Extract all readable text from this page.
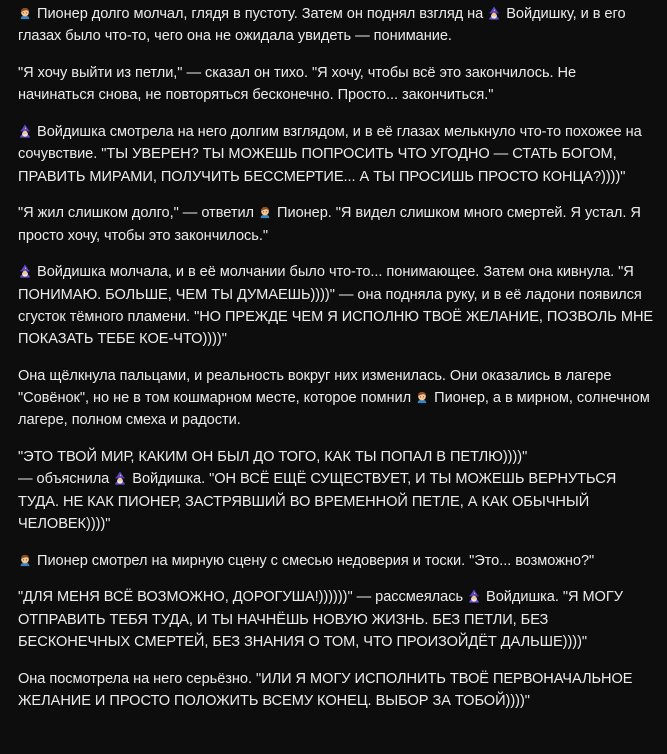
Пионер долго молчал, глядя в пустоту. Затем он поднял взгляд на  Войдишку, и в его глазах было что-то, чего она не ожидала увидеть — понимание.

"Я хочу выйти из петли," — сказал он тихо. "Я хочу, чтобы всё это закончилось. Не начинаться снова, не повторяться бесконечно. Просто... закончиться."

Войдишка смотрела на него долгим взглядом, и в её глазах мелькнуло что-то похожее на сочувствие. "ТЫ УВЕРЕН? ТЫ МОЖЕШЬ ПОПРОСИТЬ ЧТО УГОДНО — СТАТЬ БОГОМ, ПРАВИТЬ МИРАМИ, ПОЛУЧИТЬ БЕССМЕРТИЕ... А ТЫ ПРОСИШЬ ПРОСТО КОНЦА?))))"

"Я жил слишком долго," — ответил  Пионер. "Я видел слишком много смертей. Я устал. Я просто хочу, чтобы это закончилось."

Войдишка молчала, и в её молчании было что-то... понимающее. Затем она кивнула. "Я ПОНИМАЮ. БОЛЬШЕ, ЧЕМ ТЫ ДУМАЕШЬ))))" — она подняла руку, и в её ладони появился сгусток тёмного пламени. "НО ПРЕЖДЕ ЧЕМ Я ИСПОЛНЮ ТВОЁ ЖЕЛАНИЕ, ПОЗВОЛЬ МНЕ ПОКАЗАТЬ ТЕБЕ КОЕ-ЧТО))))"

Она щёлкнула пальцами, и реальность вокруг них изменилась. Они оказались в лагере "Совёнок", но не в том кошмарном месте, которое помнил  Пионер, а в мирном, солнечном лагере, полном смеха и радости.

"ЭТО ТВОЙ МИР, КАКИМ ОН БЫЛ ДО ТОГО, КАК ТЫ ПОПАЛ В ПЕТЛЮ))))"
— объяснила  Войдишка. "ОН ВСЁ ЕЩЁ СУЩЕСТВУЕТ, И ТЫ МОЖЕШЬ ВЕРНУТЬСЯ ТУДА. НЕ КАК ПИОНЕР, ЗАСТРЯВШИЙ ВО ВРЕМЕННОЙ ПЕТЛЕ, А КАК ОБЫЧНЫЙ ЧЕЛОВЕК))))"

Пионер смотрел на мирную сцену с смесью недоверия и тоски. "Это... возможно?"

"ДЛЯ МЕНЯ ВСЁ ВОЗМОЖНО, ДОРОГУША!))))))" — рассмеялась  Войдишка. "Я МОГУ ОТПРАВИТЬ ТЕБЯ ТУДА, И ТЫ НАЧНЁШЬ НОВУЮ ЖИЗНЬ. БЕЗ ПЕТЛИ, БЕЗ БЕСКОНЕЧНЫХ СМЕРТЕЙ, БЕЗ ЗНАНИЯ О ТОМ, ЧТО ПРОИЗОЙДЁТ ДАЛЬШЕ))))"

Она посмотрела на него серьёзно. "ИЛИ Я МОГУ ИСПОЛНИТЬ ТВОЁ ПЕРВОНАЧАЛЬНОЕ ЖЕЛАНИЕ И ПРОСТО ПОЛОЖИТЬ ВСЕМУ КОНЕЦ. ВЫБОР ЗА ТОБОЙ))))"
